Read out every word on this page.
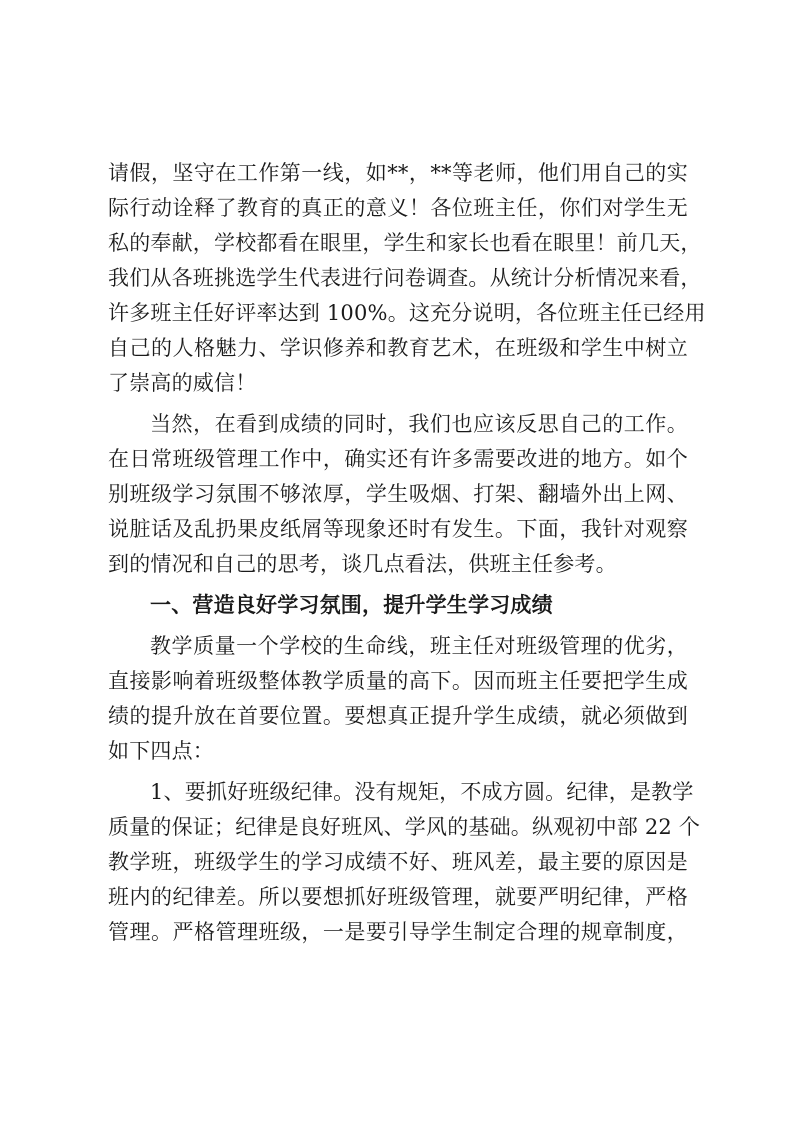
请假，坚守在工作第一线，如**，**等老师，他们用自己的实
际行动诠释了教育的真正的意义！各位班主任，你们对学生无
私的奉献，学校都看在眼里，学生和家长也看在眼里！前几天，
我们从各班挑选学生代表进行问卷调查。从统计分析情况来看，
许多班主任好评率达到 100%。这充分说明，各位班主任已经用
自己的人格魅力、学识修养和教育艺术，在班级和学生中树立
了崇高的威信！
当然，在看到成绩的同时，我们也应该反思自己的工作。
在日常班级管理工作中，确实还有许多需要改进的地方。如个
别班级学习氛围不够浓厚，学生吸烟、打架、翻墙外出上网、
说脏话及乱扔果皮纸屑等现象还时有发生。下面，我针对观察
到的情况和自己的思考，谈几点看法，供班主任参考。
一、营造良好学习氛围，提升学生学习成绩
教学质量一个学校的生命线，班主任对班级管理的优劣，
直接影响着班级整体教学质量的高下。因而班主任要把学生成
绩的提升放在首要位置。要想真正提升学生成绩，就必须做到
如下四点：
1、要抓好班级纪律。没有规矩，不成方圆。纪律，是教学
质量的保证；纪律是良好班风、学风的基础。纵观初中部 22 个
教学班，班级学生的学习成绩不好、班风差，最主要的原因是
班内的纪律差。所以要想抓好班级管理，就要严明纪律，严格
管理。严格管理班级，一是要引导学生制定合理的规章制度，
